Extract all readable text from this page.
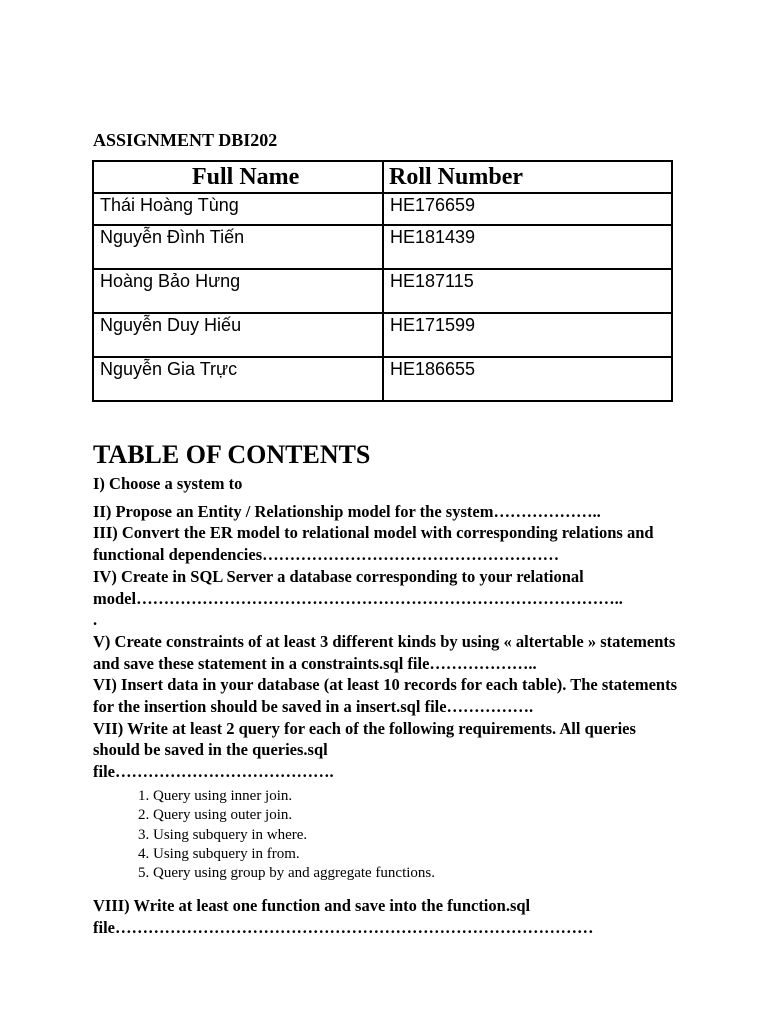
ASSIGNMENT DBI202
Full Name	Roll Number
Thái Hoàng Tùng	HE176659
Nguyễn Đình Tiến	HE181439
Hoàng Bảo Hưng	HE187115
Nguyễn Duy Hiếu	HE171599
Nguyễn Gia Trực	HE186655
TABLE OF CONTENTS

I) Choose a system to

II) Propose an Entity / Relationship model for the system………………..

III) Convert the ER model to relational model with corresponding relations and functional dependencies………………………………………………

IV) Create in SQL Server a database corresponding to your relational model……………………………………………………………………………..
.

V) Create constraints of at least 3 different kinds by using « altertable » statements and save these statement in a constraints.sql file………………..

VI) Insert data in your database (at least 10 records for each table). The statements for the insertion should be saved in a insert.sql file…………….

VII) Write at least 2 query for each of the following requirements. All queries should be saved in the queries.sql
file………………………………….

1. Query using inner join.
2. Query using outer join.
3. Using subquery in where.
4. Using subquery in from.
5. Query using group by and aggregate functions.

VIII) Write at least one function and save into the function.sql
file……………………………………………………………………………
